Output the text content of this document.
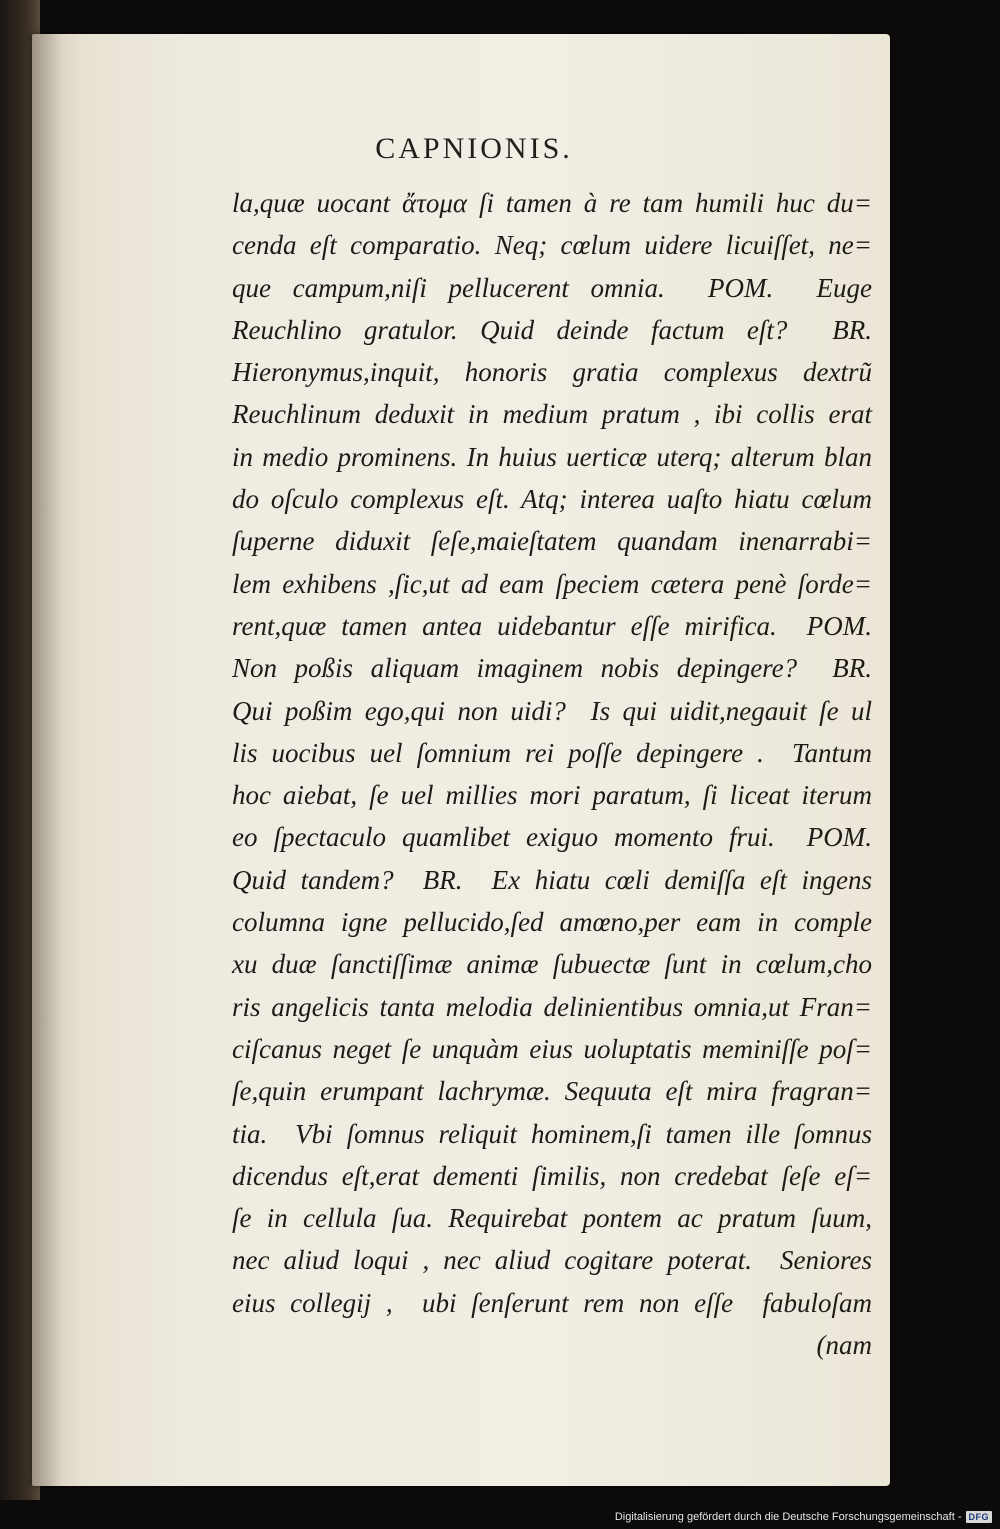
CAPNIONIS.
la,quæ uocant ἄτομα ſi tamen à re tam humili huc du=
cenda eſt comparatio. Neq; cœlum uidere licuiſſet, ne=
que campum,niſi pellucerent omnia.  POM.  Euge
Reuchlino gratulor. Quid deinde factum eſt?  BR.
Hieronymus,inquit, honoris gratia complexus dextrũ
Reuchlinum deduxit in medium pratum , ibi collis erat
in medio prominens. In huius uerticæ uterq; alterum blan
do oſculo complexus eſt. Atq; interea uaſto hiatu cœlum
ſuperne diduxit ſeſe,maieſtatem quandam inenarrabi=
lem exhibens ,ſic,ut ad eam ſpeciem cætera penè ſorde=
rent,quæ tamen antea uidebantur eſſe mirifica.  POM.
Non poßis aliquam imaginem nobis depingere?  BR.
Qui poßim ego,qui non uidi?  Is qui uidit,negauit ſe ul
lis uocibus uel ſomnium rei poſſe depingere .  Tantum
hoc aiebat, ſe uel millies mori paratum, ſi liceat iterum
eo ſpectaculo quamlibet exiguo momento frui.  POM.
Quid tandem?  BR.  Ex hiatu cœli demiſſa eſt ingens
columna igne pellucido,ſed amœno,per eam in comple
xu duæ ſanctiſſimæ animæ ſubuectæ ſunt in cœlum,cho
ris angelicis tanta melodia delinientibus omnia,ut Fran=
ciſcanus neget ſe unquàm eius uoluptatis meminiſſe poſ=
ſe,quin erumpant lachrymæ. Sequuta eſt mira fragran=
tia.  Vbi ſomnus reliquit hominem,ſi tamen ille ſomnus
dicendus eſt,erat dementi ſimilis, non credebat ſeſe eſ=
ſe in cellula ſua. Requirebat pontem ac pratum ſuum,
nec aliud loqui , nec aliud cogitare poterat.  Seniores
eius collegij ,  ubi ſenſerunt rem non eſſe  fabuloſam
(nam
Digitalisierung gefördert durch die Deutsche Forschungsgemeinschaft - DFG
